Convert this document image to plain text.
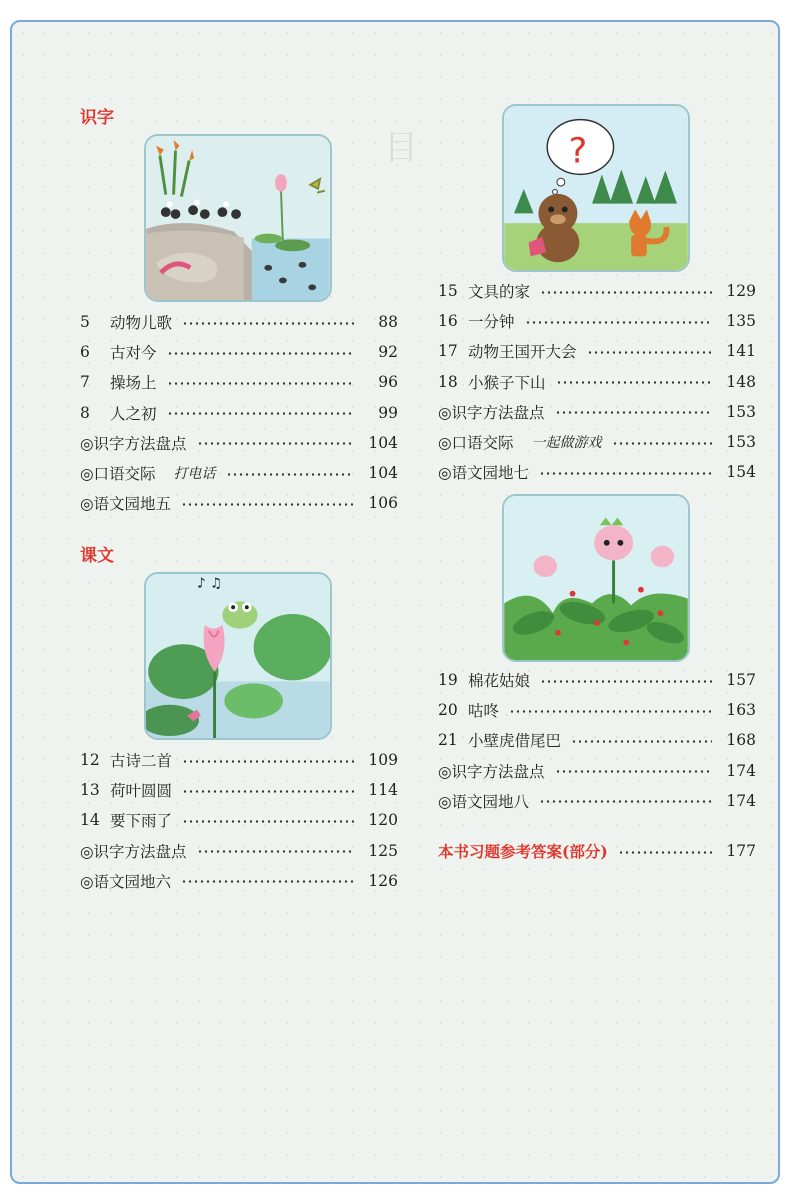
目
识字
5	动物儿歌	88
6	古对今	92
7	操场上	96
8	人之初	99
◎识字方法盘点	104
◎口语交际 打电话	104
◎语文园地五	106
课文
♪ ♫
12 古诗二首	109
13 荷叶圆圆	114
14 要下雨了	120
◎识字方法盘点	125
◎语文园地六	126
?
15 文具的家	129
16 一分钟	135
17 动物王国开大会	141
18 小猴子下山	148
◎识字方法盘点	153
◎口语交际 一起做游戏	153
◎语文园地七	154
19 棉花姑娘	157
20 咕咚	163
21 小壁虎借尾巴	168
◎识字方法盘点	174
◎语文园地八	174
本书习题参考答案(部分)	177
